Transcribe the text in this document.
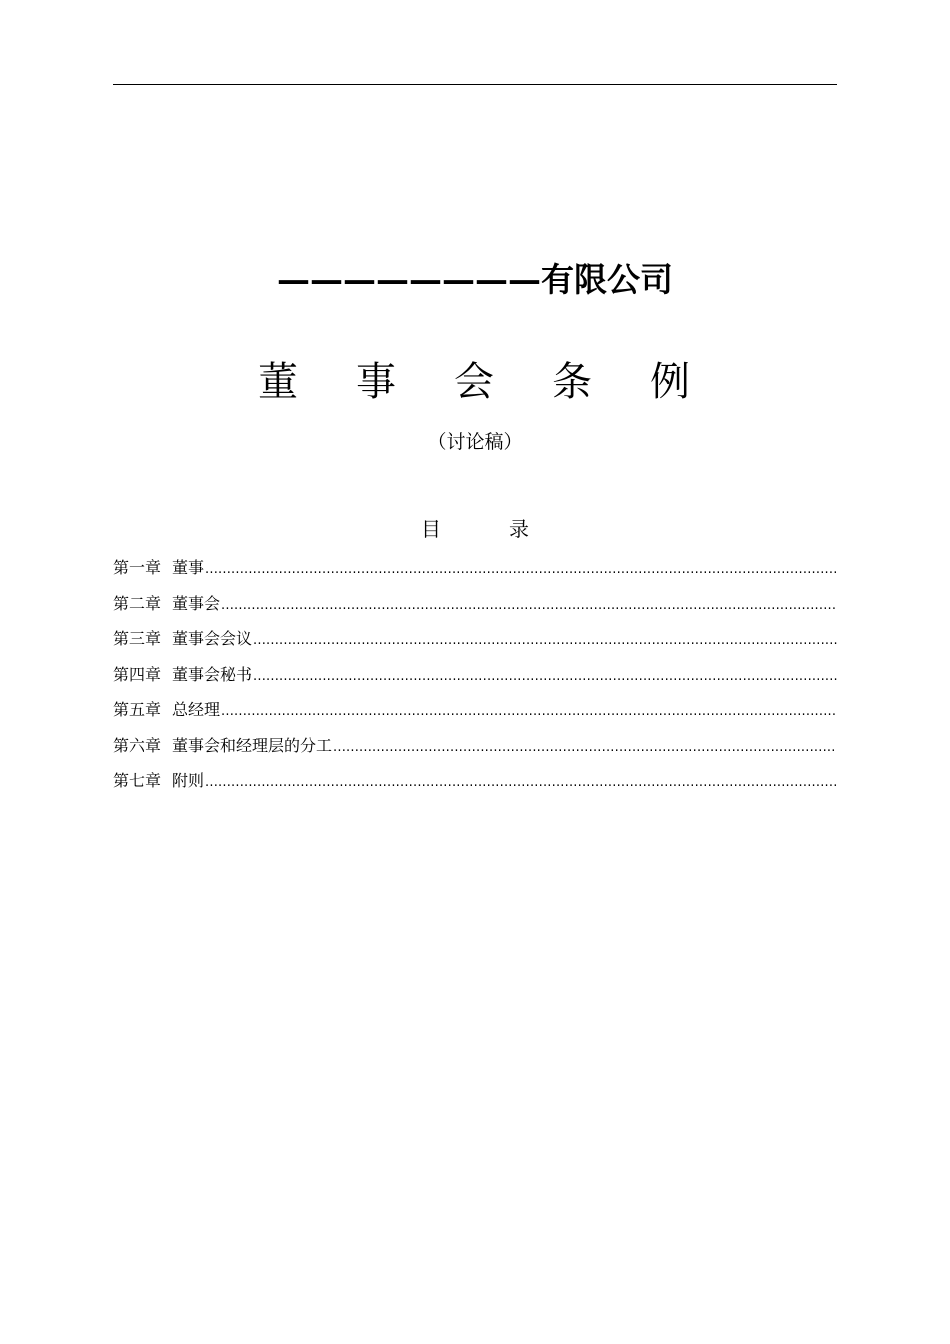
————————有限公司
董 事 会 条 例
（讨论稿）
目	录
第一章 董事
.....
第二章 董事会
.....
第三章 董事会会议
.....
第四章 董事会秘书
.....
第五章 总经理
.....
第六章 董事会和经理层的分工
.....
第七章 附则
.....
